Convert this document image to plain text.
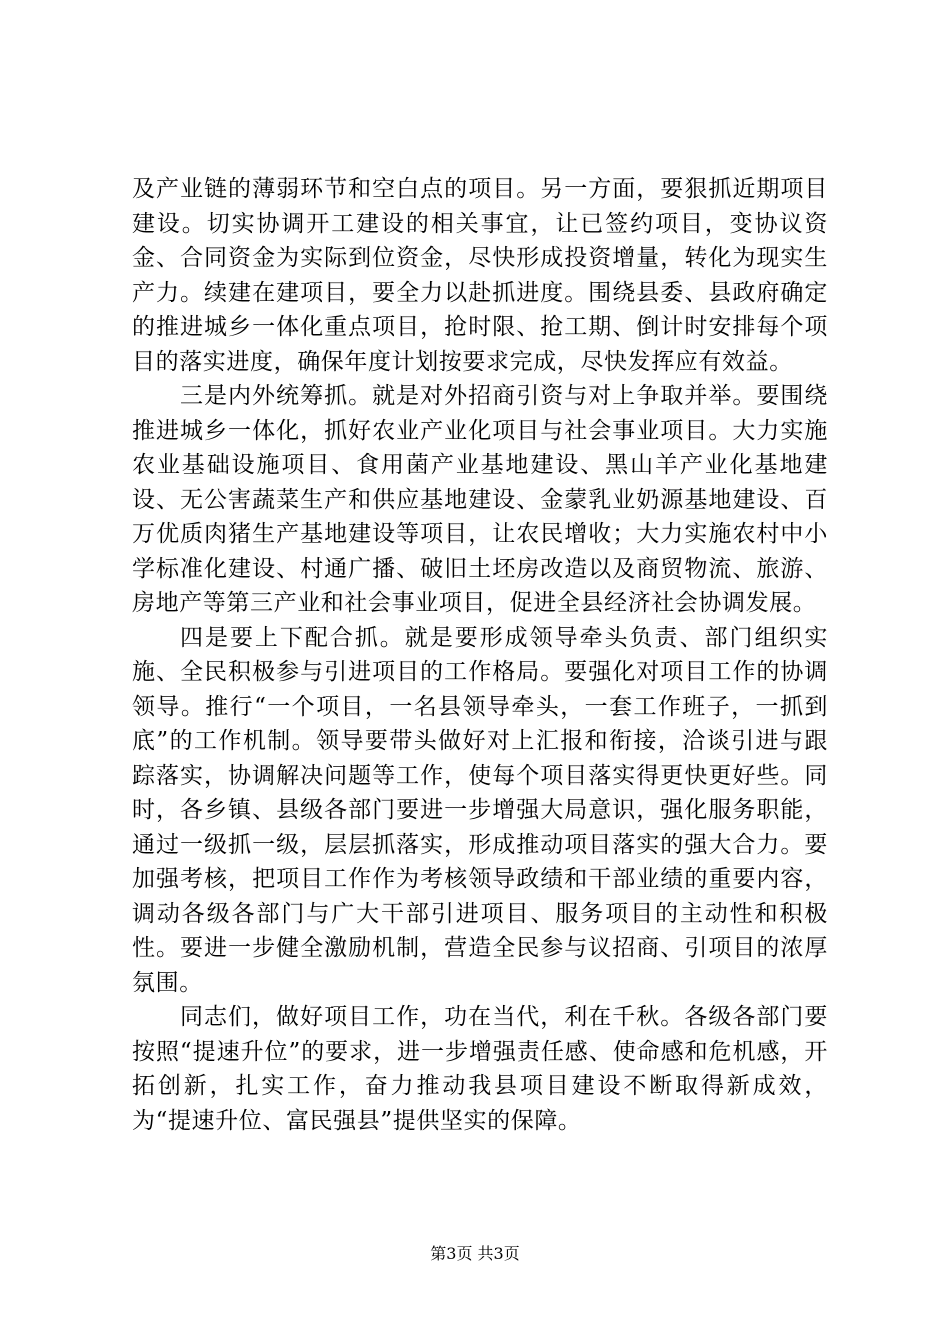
及产业链的薄弱环节和空白点的项目。另一方面，要狠抓近期项目建设。切实协调开工建设的相关事宜，让已签约项目，变协议资金、合同资金为实际到位资金，尽快形成投资增量，转化为现实生产力。续建在建项目，要全力以赴抓进度。围绕县委、县政府确定的推进城乡一体化重点项目，抢时限、抢工期、倒计时安排每个项目的落实进度，确保年度计划按要求完成，尽快发挥应有效益。

三是内外统筹抓。就是对外招商引资与对上争取并举。要围绕推进城乡一体化，抓好农业产业化项目与社会事业项目。大力实施农业基础设施项目、食用菌产业基地建设、黑山羊产业化基地建设、无公害蔬菜生产和供应基地建设、金蒙乳业奶源基地建设、百万优质肉猪生产基地建设等项目，让农民增收；大力实施农村中小学标准化建设、村通广播、破旧土坯房改造以及商贸物流、旅游、房地产等第三产业和社会事业项目，促进全县经济社会协调发展。

四是要上下配合抓。就是要形成领导牵头负责、部门组织实施、全民积极参与引进项目的工作格局。要强化对项目工作的协调领导。推行“一个项目，一名县领导牵头，一套工作班子，一抓到底”的工作机制。领导要带头做好对上汇报和衔接，洽谈引进与跟踪落实，协调解决问题等工作，使每个项目落实得更快更好些。同时，各乡镇、县级各部门要进一步增强大局意识，强化服务职能，通过一级抓一级，层层抓落实，形成推动项目落实的强大合力。要加强考核，把项目工作作为考核领导政绩和干部业绩的重要内容，调动各级各部门与广大干部引进项目、服务项目的主动性和积极性。要进一步健全激励机制，营造全民参与议招商、引项目的浓厚氛围。

同志们，做好项目工作，功在当代，利在千秋。各级各部门要按照“提速升位”的要求，进一步增强责任感、使命感和危机感，开拓创新，扎实工作，奋力推动我县项目建设不断取得新成效，为“提速升位、富民强县”提供坚实的保障。

第3页 共3页
